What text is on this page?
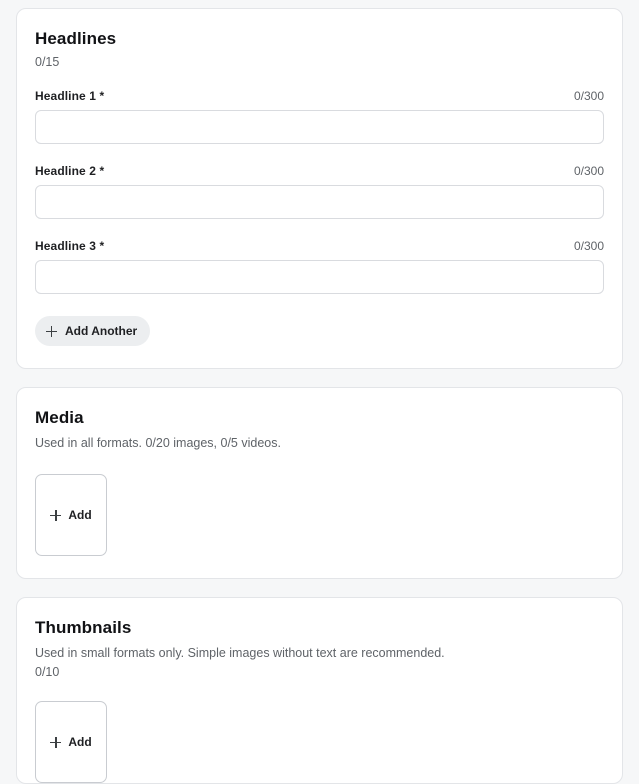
Headlines

0/15

Headline 1 *	0/300
Headline 2 *	0/300
Headline 3 *	0/300
Add Another
Media

Used in all formats. 0/20 images, 0/5 videos.

Add
Thumbnails

Used in small formats only. Simple images without text are recommended.

0/10

Add
